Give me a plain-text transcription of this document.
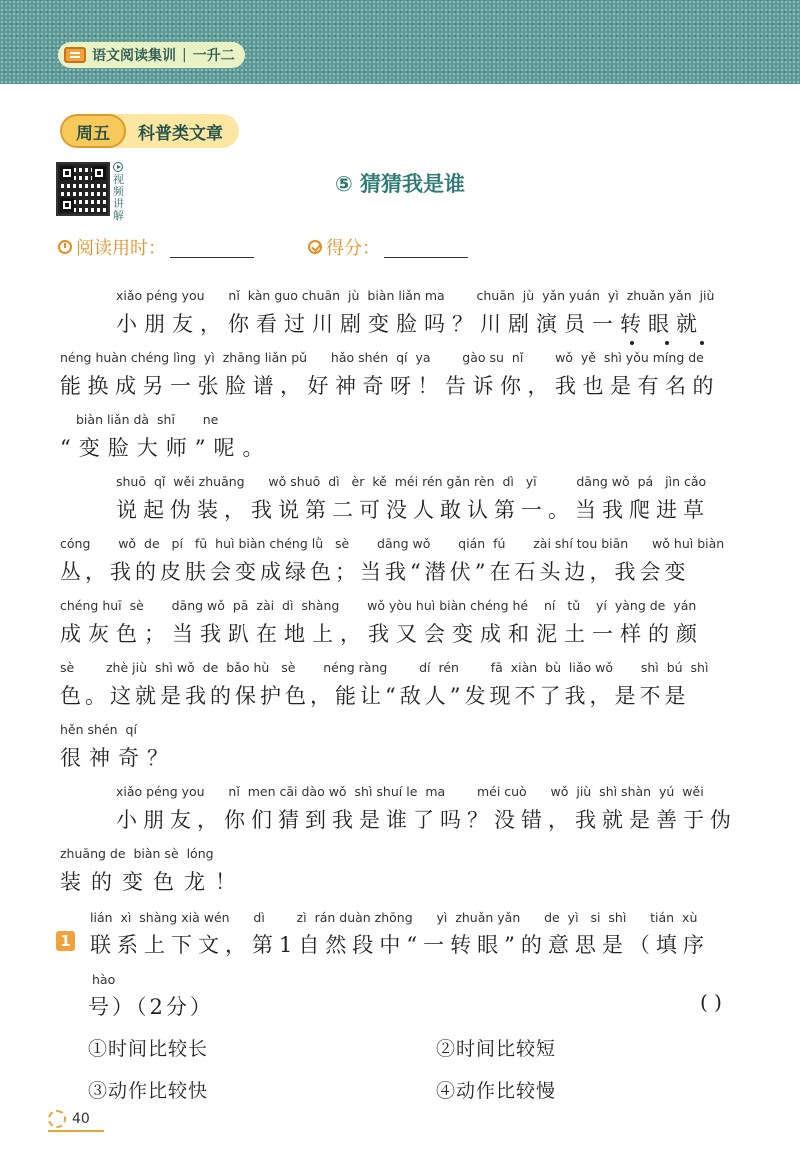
语文阅读集训 | 一升二
周五	科普类文章
视频讲解
⑤ 猜猜我是谁
阅读用时：	得分：
xiǎo péng you      nǐ  kàn guo chuān  jù  biàn liǎn ma        chuān  jù  yǎn yuán  yì  zhuǎn yǎn  jiù
小朋友，你看过川剧变脸吗？川剧演员一转眼就
néng huàn chéng lìng  yì  zhāng liǎn pǔ      hǎo shén  qí  ya        gào su  nǐ        wǒ  yě  shì yǒu míng de
能换成另一张脸谱，好神奇呀！告诉你，我也是有名的
biàn liǎn dà  shī       ne
“变脸大师”呢。
shuō  qǐ  wěi zhuāng      wǒ shuō  dì   èr  kě  méi rén gǎn rèn  dì   yī          dāng wǒ  pá   jìn cǎo
说起伪装，我说第二可没人敢认第一。当我爬进草
cóng       wǒ  de   pí   fū  huì biàn chéng lǜ   sè       dāng wǒ       qián  fú       zài shí tou biān      wǒ huì biàn
丛，我的皮肤会变成绿色；当我“潜伏”在石头边，我会变
chéng huī  sè       dāng wǒ  pā  zài  dì  shàng       wǒ yòu huì biàn chéng hé    ní   tǔ    yí  yàng de  yán
成灰色；当我趴在地上，我又会变成和泥土一样的颜
sè        zhè jiù  shì wǒ  de  bǎo hù   sè       néng ràng        dí  rén        fā  xiàn  bù  liǎo wǒ       shì  bú  shì
色。这就是我的保护色，能让“敌人”发现不了我，是不是
hěn shén  qí
很神奇？
xiǎo péng you      nǐ  men cāi dào wǒ  shì shuí le  ma        méi cuò      wǒ  jiù  shì shàn  yú  wěi
小朋友，你们猜到我是谁了吗？没错，我就是善于伪
zhuāng de  biàn sè  lóng
装的变色龙！
1
lián  xì  shàng xià wén      dì        zì  rán duàn zhōng      yì  zhuǎn yǎn      de  yì   si  shì      tián  xù
联系上下文，第1自然段中“一转眼”的意思是（填序
hào
号）（2分）	( )
①时间比较长	②时间比较短
③动作比较快	④动作比较慢
40
